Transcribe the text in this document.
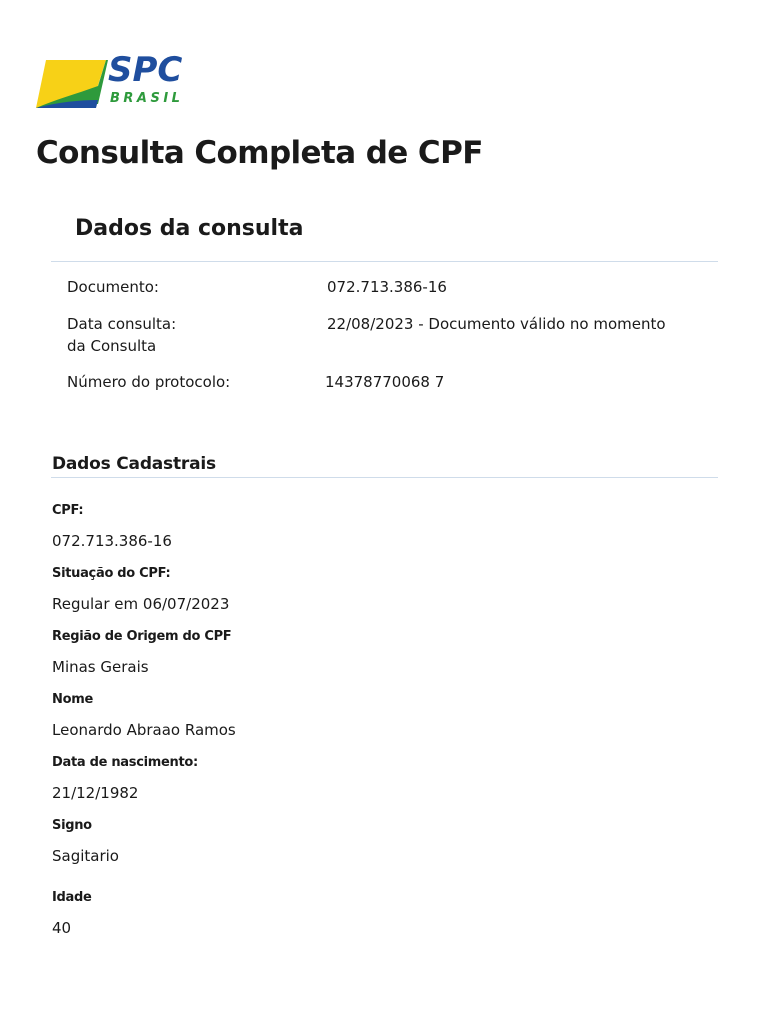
SPC
BRASIL
Consulta Completa de CPF
Dados da consulta
Documento:	072.713.386-16
Data consulta:
da Consulta
22/08/2023 - Documento válido no momento
Número do protocolo:	14378770068 7
Dados Cadastrais
CPF:
072.713.386-16
Situação do CPF:
Regular em 06/07/2023
Região de Origem do CPF
Minas Gerais
Nome
Leonardo Abraao Ramos
Data de nascimento:
21/12/1982
Signo
Sagitario
Idade
40
